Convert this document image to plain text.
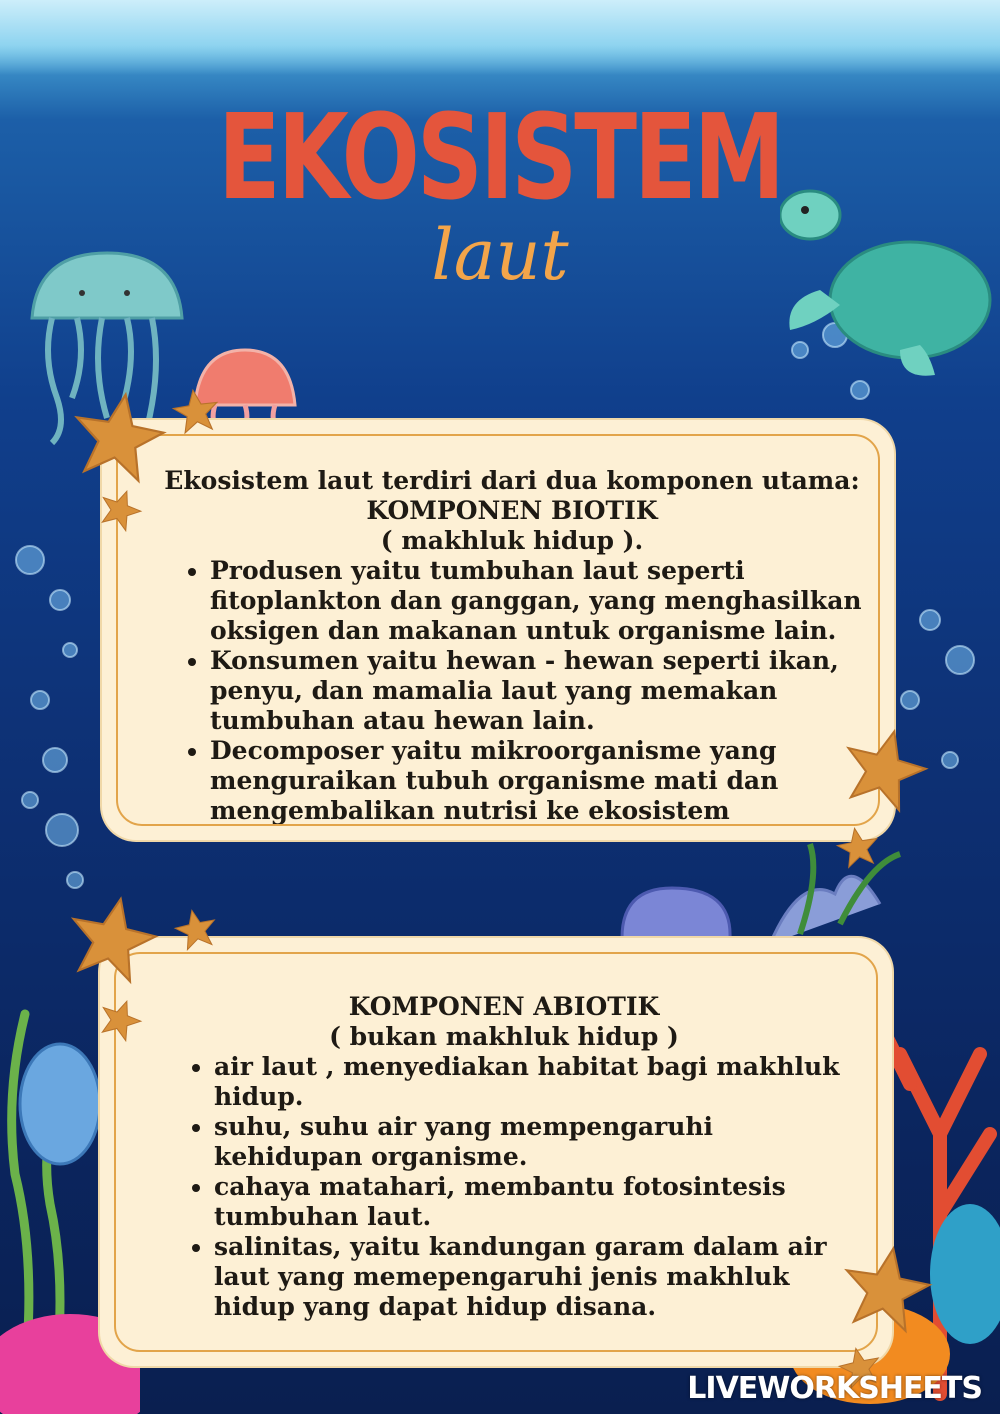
Ekosistem laut terdiri dari dua komponen utama:
KOMPONEN BIOTIK
( makhluk hidup ).
• Produsen yaitu tumbuhan laut seperti fitoplankton dan ganggan, yang menghasilkan oksigen dan makanan untuk organisme lain.
• Konsumen yaitu hewan - hewan seperti ikan, penyu, dan mamalia laut yang memakan tumbuhan atau hewan lain.
• Decomposer yaitu mikroorganisme yang menguraikan tubuh organisme mati dan mengembalikan nutrisi ke ekosistem
KOMPONEN ABIOTIK
( bukan makhluk hidup )
• air laut , menyediakan habitat bagi makhluk hidup.
• suhu, suhu air yang mempengaruhi kehidupan organisme.
• cahaya matahari, membantu fotosintesis tumbuhan laut.
• salinitas, yaitu kandungan garam dalam air laut yang memepengaruhi jenis makhluk hidup yang dapat hidup disana.
EKOSISTEM
laut
LIVEWORKSHEETS
